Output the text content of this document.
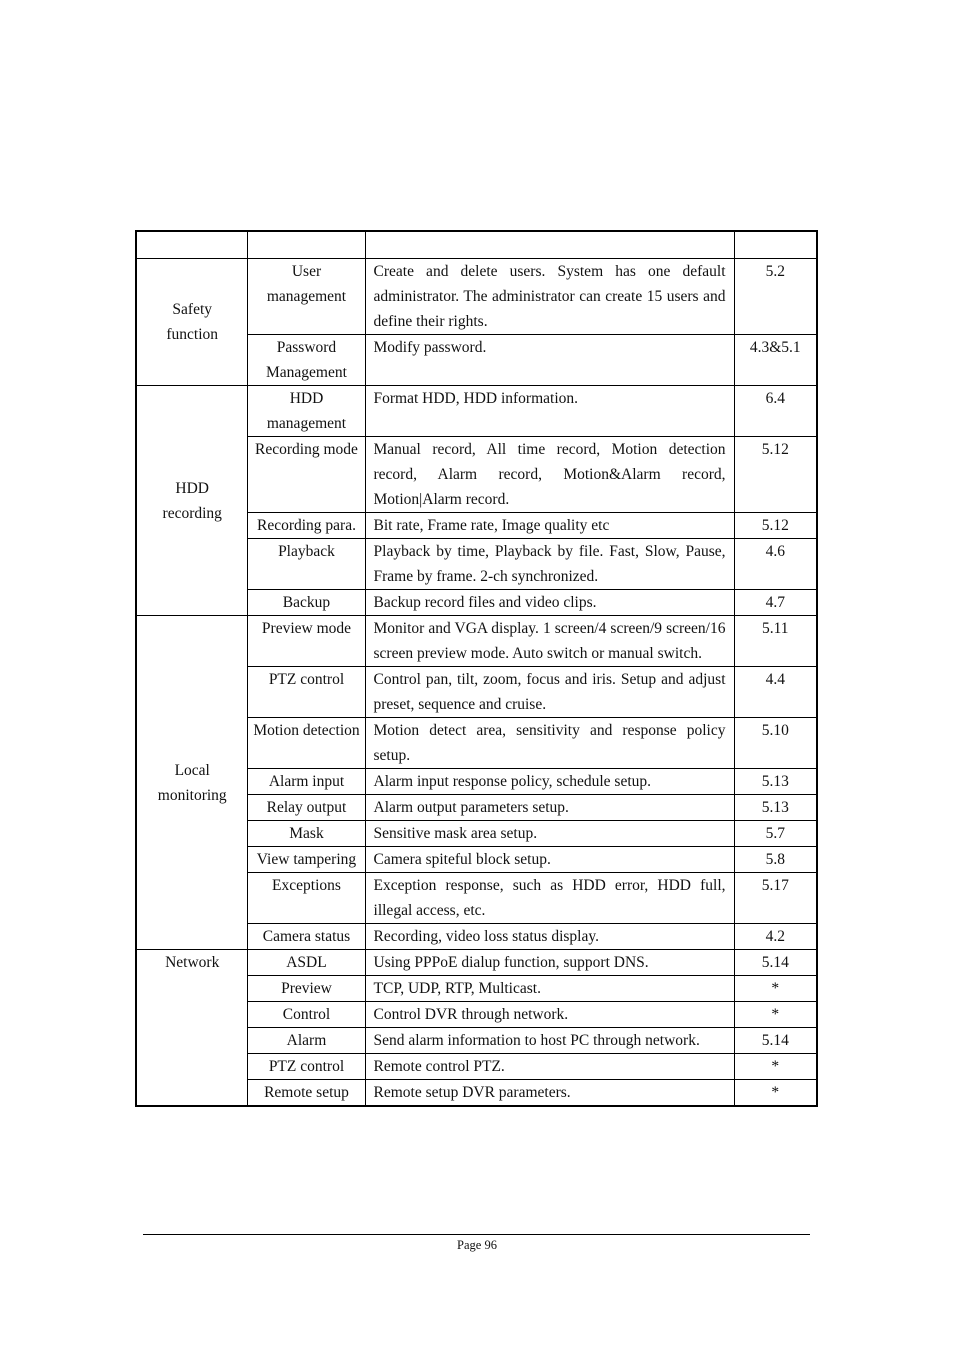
Safety
function	User management	Create and delete users. System has one default administrator. The administrator can create 15 users and define their rights.	5.2
	Password Management	Modify password.	4.3&5.1
HDD
recording	HDD management	Format HDD, HDD information.	6.4
	Recording mode	Manual record, All time record, Motion detection record, Alarm record, Motion&Alarm record, Motion|Alarm record.	5.12
	Recording para.	Bit rate, Frame rate, Image quality etc	5.12
	Playback	Playback by time, Playback by file. Fast, Slow, Pause, Frame by frame. 2-ch synchronized.	4.6
	Backup	Backup record files and video clips.	4.7
Local
monitoring	Preview mode	Monitor and VGA display. 1 screen/4 screen/9 screen/16 screen preview mode. Auto switch or manual switch.	5.11
	PTZ control	Control pan, tilt, zoom, focus and iris. Setup and adjust preset, sequence and cruise.	4.4
	Motion detection	Motion detect area, sensitivity and response policy setup.	5.10
	Alarm input	Alarm input response policy, schedule setup.	5.13
	Relay output	Alarm output parameters setup.	5.13
	Mask	Sensitive mask area setup.	5.7
	View tampering	Camera spiteful block setup.	5.8
	Exceptions	Exception response, such as HDD error, HDD full, illegal access, etc.	5.17
	Camera status	Recording, video loss status display.	4.2
Network	ASDL	Using PPPoE dialup function, support DNS.	5.14
	Preview	TCP, UDP, RTP, Multicast.	*
	Control	Control DVR through network.	*
	Alarm	Send alarm information to host PC through network.	5.14
	PTZ control	Remote control PTZ.	*
	Remote setup	Remote setup DVR parameters.	*
Page 96
